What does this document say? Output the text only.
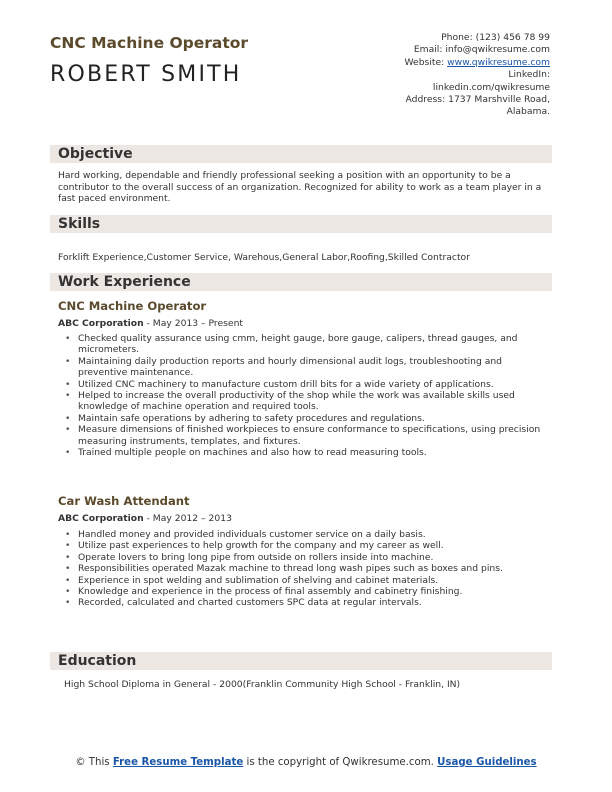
CNC Machine Operator
ROBERT SMITH
Phone: (123) 456 78 99
Email: info@qwikresume.com
Website: www.qwikresume.com
LinkedIn:
linkedin.com/qwikresume
Address: 1737 Marshville Road,
Alabama.
Objective
Hard working, dependable and friendly professional seeking a position with an opportunity to be a contributor to the overall success of an organization. Recognized for ability to work as a team player in a fast paced environment.
Skills
Forklift Experience,Customer Service, Warehous,General Labor,Roofing,Skilled Contractor
Work Experience
CNC Machine Operator
ABC Corporation - May 2013 – Present
• Checked quality assurance using cmm, height gauge, bore gauge, calipers, thread gauges, and micrometers.
• Maintaining daily production reports and hourly dimensional audit logs, troubleshooting and preventive maintenance.
• Utilized CNC machinery to manufacture custom drill bits for a wide variety of applications.
• Helped to increase the overall productivity of the shop while the work was available skills used knowledge of machine operation and required tools.
• Maintain safe operations by adhering to safety procedures and regulations.
• Measure dimensions of finished workpieces to ensure conformance to specifications, using precision measuring instruments, templates, and fixtures.
• Trained multiple people on machines and also how to read measuring tools.
Car Wash Attendant
ABC Corporation - May 2012 – 2013
• Handled money and provided individuals customer service on a daily basis.
• Utilize past experiences to help growth for the company and my career as well.
• Operate lovers to bring long pipe from outside on rollers inside into machine.
• Responsibilities operated Mazak machine to thread long wash pipes such as boxes and pins.
• Experience in spot welding and sublimation of shelving and cabinet materials.
• Knowledge and experience in the process of final assembly and cabinetry finishing.
• Recorded, calculated and charted customers SPC data at regular intervals.
Education
High School Diploma in General - 2000(Franklin Community High School - Franklin, IN)
© This Free Resume Template is the copyright of Qwikresume.com. Usage Guidelines
